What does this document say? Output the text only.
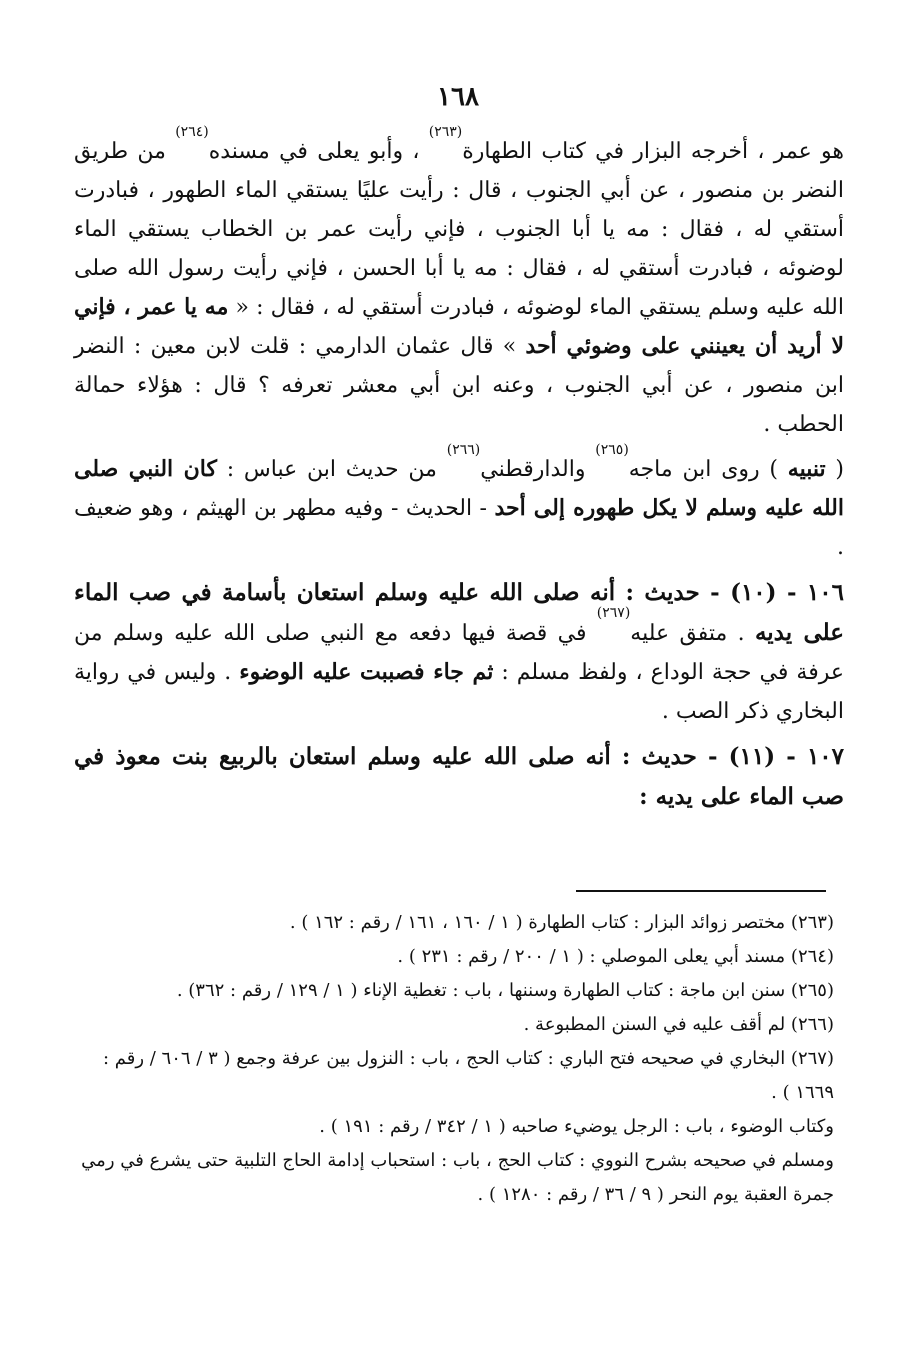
١٦٨

هو عمر ، أخرجه البزار في كتاب الطهارة$^{(٢٦٣)}$ ، وأبو يعلى في مسنده$^{(٢٦٤)}$ من طريق النضر بن منصور ، عن أبي الجنوب ، قال : رأيت عليًا يستقي الماء الطهور ، فبادرت أستقي له ، فقال : مه يا أبا الجنوب ، فإني رأيت عمر بن الخطاب يستقي الماء لوضوئه ، فبادرت أستقي له ، فقال : مه يا أبا الحسن ، فإني رأيت رسول الله صلى الله عليه وسلم يستقي الماء لوضوئه ، فبادرت أستقي له ، فقال : « مه يا عمر ، فإني لا أريد أن يعينني على وضوئي أحد » قال عثمان الدارمي : قلت لابن معين : النضر ابن منصور ، عن أبي الجنوب ، وعنه ابن أبي معشر تعرفه ؟ قال : هؤلاء حمالة الحطب .

( تنبيه ) روى ابن ماجه$^{(٢٦٥)}$ والدارقطني$^{(٢٦٦)}$ من حديث ابن عباس : كان النبي صلى الله عليه وسلم لا يكل طهوره إلى أحد - الحديث - وفيه مطهر بن الهيثم ، وهو ضعيف .

١٠٦ - (١٠) - حديث : أنه صلى الله عليه وسلم استعان بأسامة في صب الماء على يديه . متفق عليه$^{(٢٦٧)}$ في قصة فيها دفعه مع النبي صلى الله عليه وسلم من عرفة في حجة الوداع ، ولفظ مسلم : ثم جاء فصببت عليه الوضوء . وليس في رواية البخاري ذكر الصب .

١٠٧ - (١١) - حديث : أنه صلى الله عليه وسلم استعان بالربيع بنت معوذ في صب الماء على يديه :

(٢٦٣) مختصر زوائد البزار : كتاب الطهارة ( ١ / ١٦٠ ، ١٦١ / رقم : ١٦٢ ) .

(٢٦٤) مسند أبي يعلى الموصلي : ( ١ / ٢٠٠ / رقم : ٢٣١ ) .

(٢٦٥) سنن ابن ماجة : كتاب الطهارة وسننها ، باب : تغطية الإناء ( ١ / ١٢٩ / رقم : ٣٦٢) .

(٢٦٦) لم أقف عليه في السنن المطبوعة .

(٢٦٧) البخاري في صحيحه فتح الباري : كتاب الحج ، باب : النزول بين عرفة وجمع ( ٣ / ٦٠٦ / رقم : ١٦٦٩ ) .

وكتاب الوضوء ، باب : الرجل يوضيء صاحبه ( ١ / ٣٤٢ / رقم : ١٩١ ) .

ومسلم في صحيحه بشرح النووي : كتاب الحج ، باب : استحباب إدامة الحاج التلبية حتى يشرع في رمي جمرة العقبة يوم النحر ( ٩ / ٣٦ / رقم : ١٢٨٠ ) .
